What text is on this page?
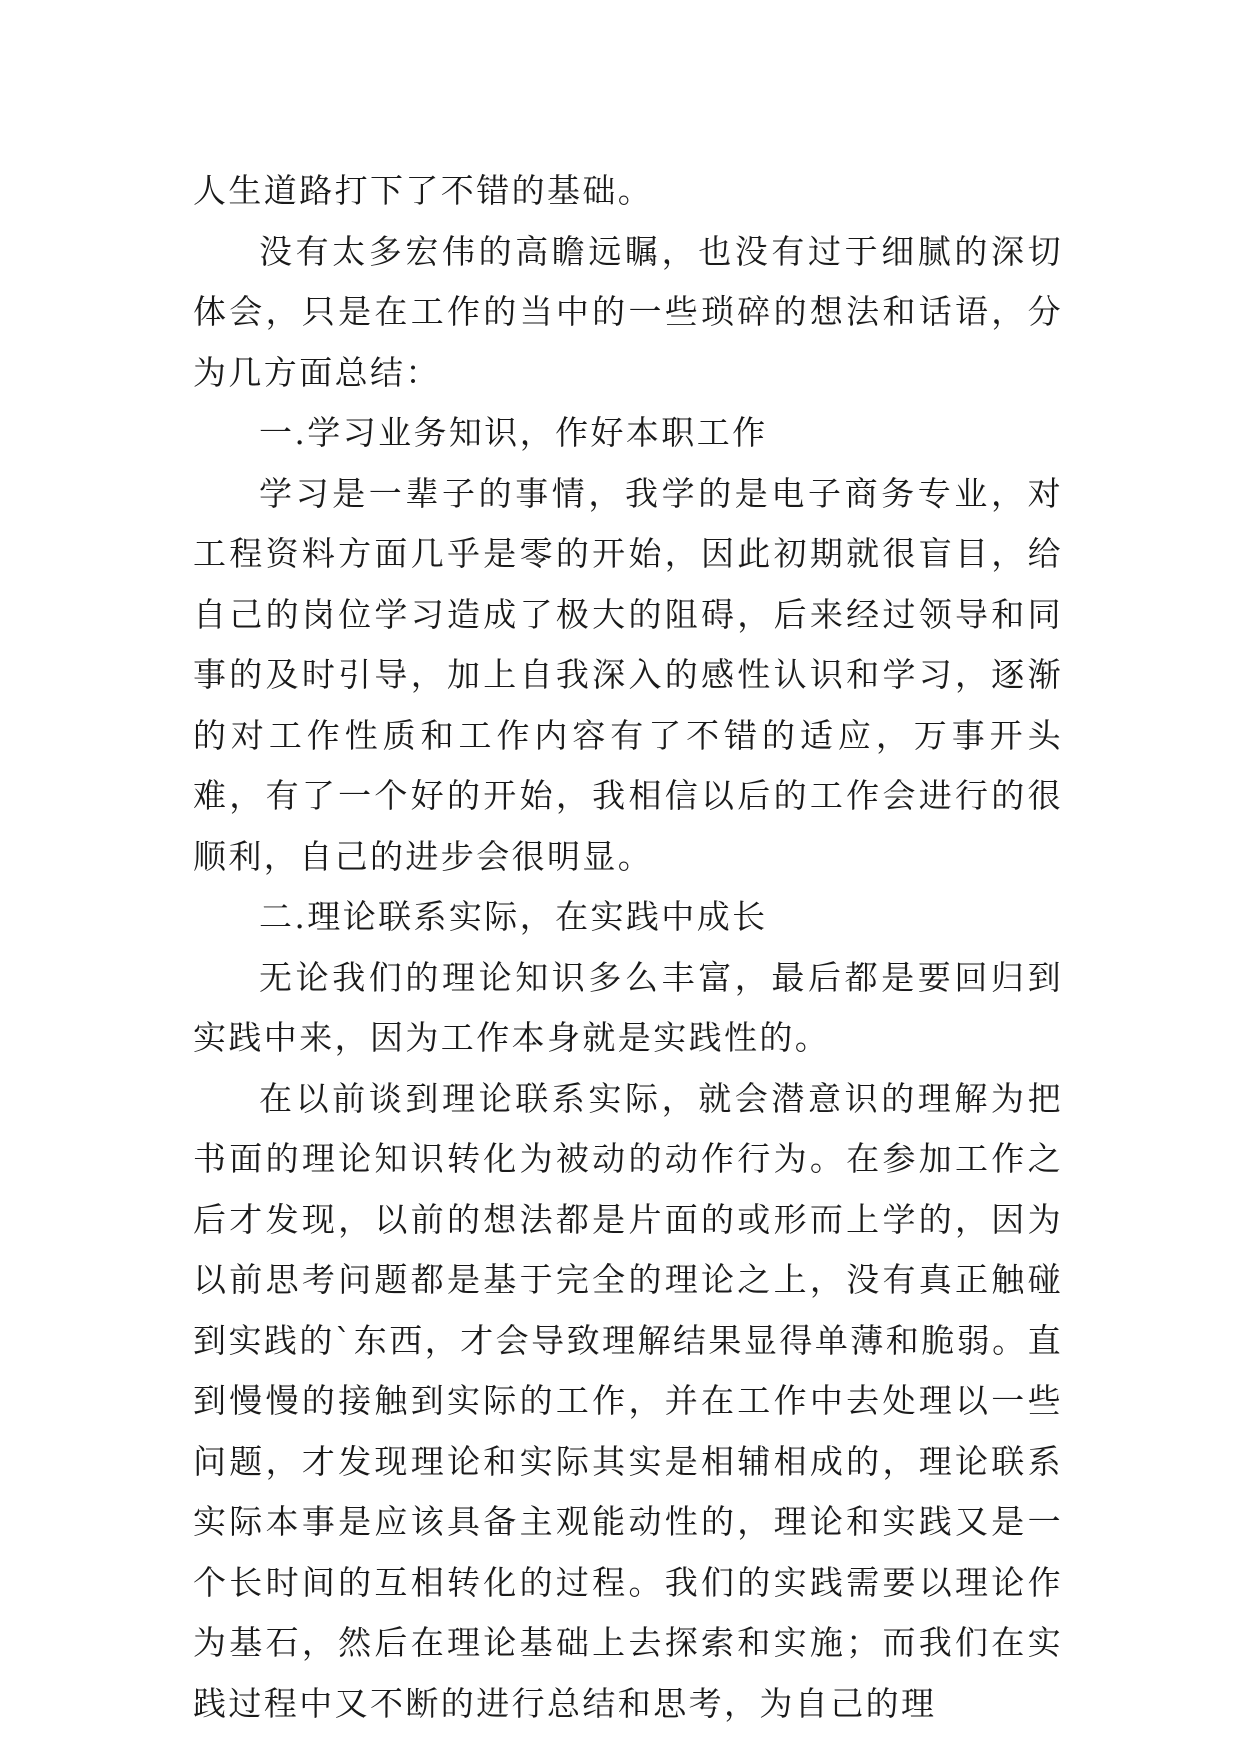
人生道路打下了不错的基础。

没有太多宏伟的高瞻远瞩，也没有过于细腻的深切体会，只是在工作的当中的一些琐碎的想法和话语，分为几方面总结：

一.学习业务知识，作好本职工作

学习是一辈子的事情，我学的是电子商务专业，对工程资料方面几乎是零的开始，因此初期就很盲目，给自己的岗位学习造成了极大的阻碍，后来经过领导和同事的及时引导，加上自我深入的感性认识和学习，逐渐的对工作性质和工作内容有了不错的适应，万事开头难，有了一个好的开始，我相信以后的工作会进行的很顺利，自己的进步会很明显。

二.理论联系实际，在实践中成长

无论我们的理论知识多么丰富，最后都是要回归到实践中来，因为工作本身就是实践性的。

在以前谈到理论联系实际，就会潜意识的理解为把书面的理论知识转化为被动的动作行为。在参加工作之后才发现，以前的想法都是片面的或形而上学的，因为以前思考问题都是基于完全的理论之上，没有真正触碰到实践的`东西，才会导致理解结果显得单薄和脆弱。直到慢慢的接触到实际的工作，并在工作中去处理以一些问题，才发现理论和实际其实是相辅相成的，理论联系实际本事是应该具备主观能动性的，理论和实践又是一个长时间的互相转化的过程。我们的实践需要以理论作为基石，然后在理论基础上去探索和实施；而我们在实践过程中又不断的进行总结和思考，为自己的理
